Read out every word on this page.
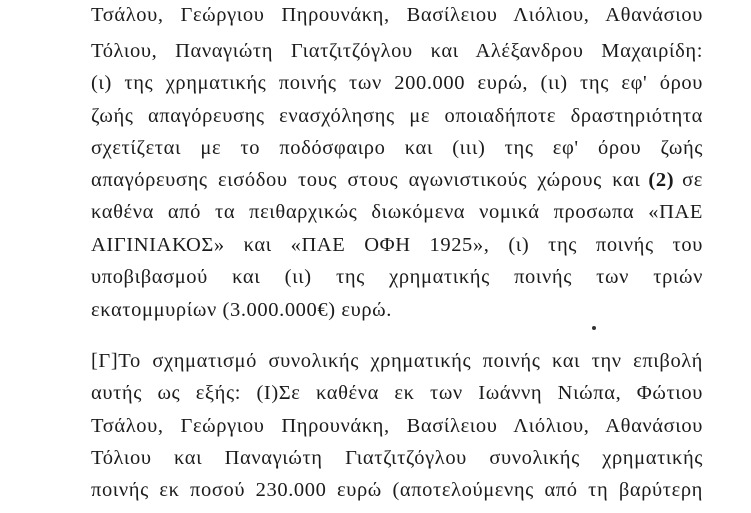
Τσάλου, Γεώργιου Πηρουνάκη, Βασίλειου Λιόλιου, Αθανάσιου
Τόλιου, Παναγιώτη Γιατζιτζόγλου και Αλέξανδρου Μαχαιρίδη:
(ι) της χρηματικής ποινής των 200.000 ευρώ, (ιι) της εφ' όρου
ζωής απαγόρευσης ενασχόλησης με οποιαδήποτε δραστηριότητα
σχετίζεται με το ποδόσφαιρο και (ιιι) της εφ' όρου ζωής
απαγόρευσης εισόδου τους στους αγωνιστικούς χώρους και (2) σε
καθένα από τα πειθαρχικώς διωκόμενα νομικά προσωπα «ΠΑΕ
ΑΙΓΙΝΙΑΚΟΣ» και «ΠΑΕ ΟΦΗ 1925», (ι) της ποινής του
υποβιβασμού και (ιι) της χρηματικής ποινής των τριών
εκατομμυρίων (3.000.000€) ευρώ.
[Γ]Το σχηματισμό συνολικής χρηματικής ποινής και την επιβολή
αυτής ως εξής: (Ι)Σε καθένα εκ των Ιωάννη Νιώπα, Φώτιου
Τσάλου, Γεώργιου Πηρουνάκη, Βασίλειου Λιόλιου, Αθανάσιου
Τόλιου και Παναγιώτη Γιατζιτζόγλου συνολικής χρηματικής
ποινής εκ ποσού 230.000 ευρώ (αποτελούμενης από τη βαρύτερη
